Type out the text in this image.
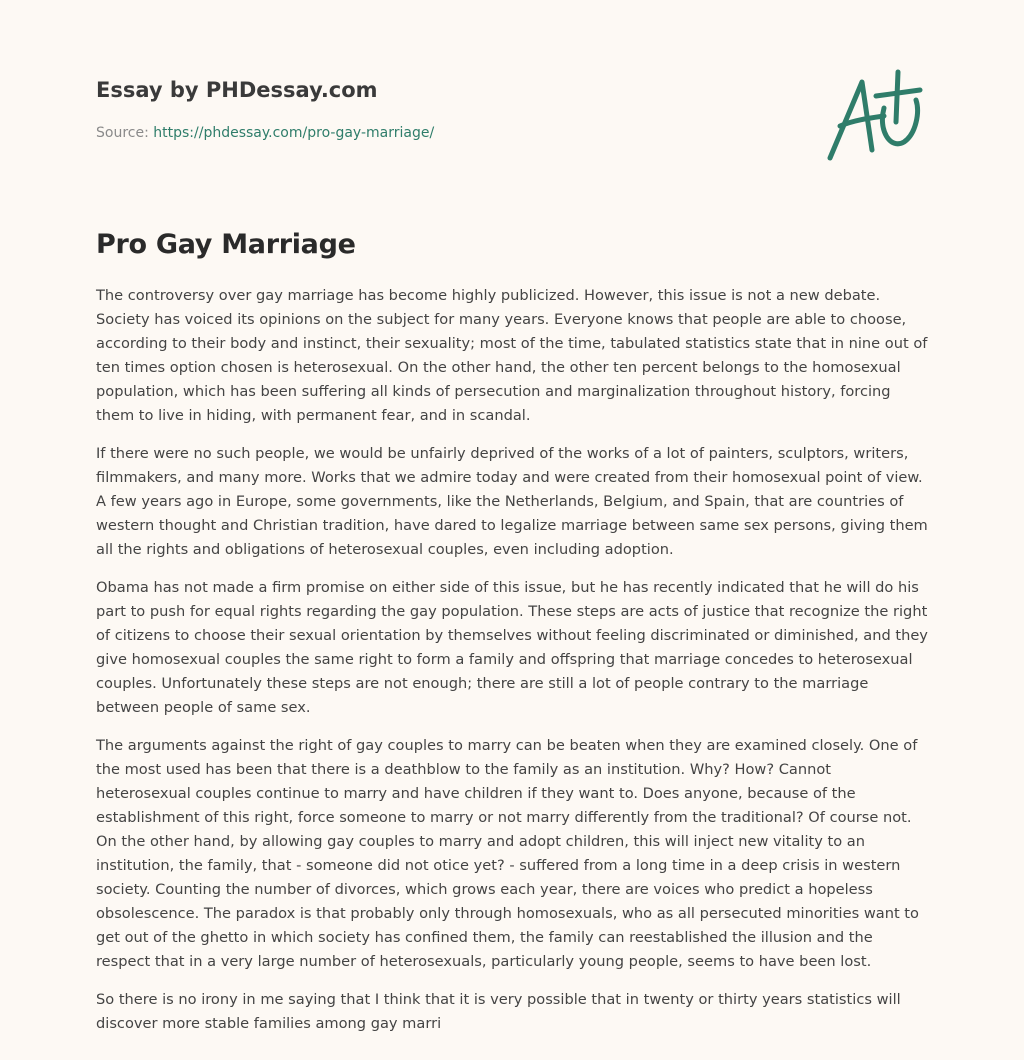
Essay by PHDessay.com
Source: https://phdessay.com/pro-gay-marriage/
Pro Gay Marriage

The controversy over gay marriage has become highly publicized. However, this issue is not a new debate. Society has voiced its opinions on the subject for many years. Everyone knows that people are able to choose, according to their body and instinct, their sexuality; most of the time, tabulated statistics state that in nine out of ten times option chosen is heterosexual. On the other hand, the other ten percent belongs to the homosexual population, which has been suffering all kinds of persecution and marginalization throughout history, forcing them to live in hiding, with permanent fear, and in scandal.

If there were no such people, we would be unfairly deprived of the works of a lot of painters, sculptors, writers, filmmakers, and many more. Works that we admire today and were created from their homosexual point of view. A few years ago in Europe, some governments, like the Netherlands, Belgium, and Spain, that are countries of western thought and Christian tradition, have dared to legalize marriage between same sex persons, giving them all the rights and obligations of heterosexual couples, even including adoption.

Obama has not made a firm promise on either side of this issue, but he has recently indicated that he will do his part to push for equal rights regarding the gay population. These steps are acts of justice that recognize the right of citizens to choose their sexual orientation by themselves without feeling discriminated or diminished, and they give homosexual couples the same right to form a family and offspring that marriage concedes to heterosexual couples. Unfortunately these steps are not enough; there are still a lot of people contrary to the marriage between people of same sex.

The arguments against the right of gay couples to marry can be beaten when they are examined closely. One of the most used has been that there is a deathblow to the family as an institution. Why? How? Cannot heterosexual couples continue to marry and have children if they want to. Does anyone, because of the establishment of this right, force someone to marry or not marry differently from the traditional? Of course not. On the other hand, by allowing gay couples to marry and adopt children, this will inject new vitality to an institution, the family, that - someone did not otice yet? - suffered from a long time in a deep crisis in western society. Counting the number of divorces, which grows each year, there are voices who predict a hopeless obsolescence. The paradox is that probably only through homosexuals, who as all persecuted minorities want to get out of the ghetto in which society has confined them, the family can reestablished the illusion and the respect that in a very large number of heterosexuals, particularly young people, seems to have been lost.

So there is no irony in me saying that I think that it is very possible that in twenty or thirty years statistics will discover more stable families among gay marri
